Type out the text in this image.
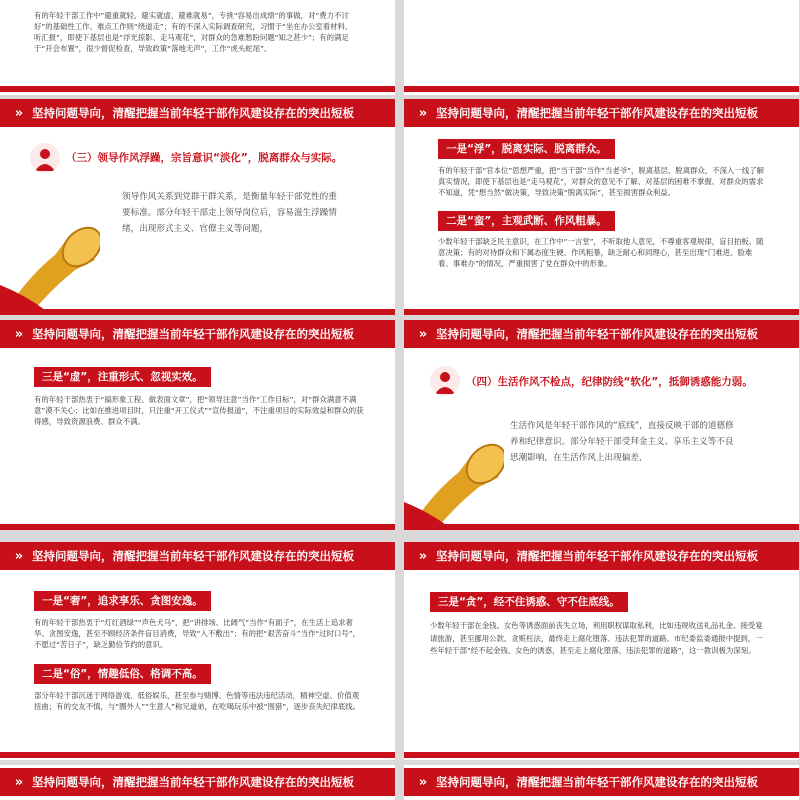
有的年轻干部工作中“避重就轻、避实就虚、避难就易”，专挑“容易出成绩”的事做，对“费力不讨好”的基础性工作、难点工作则“绕道走”；有的不深入实际调查研究，习惯于“坐在办公室看材料、听汇报”，即使下基层也是“浮光掠影、走马观花”，对群众的急难愁盼问题“知之甚少”；有的满足于“开会布置”，很少督促检查，导致政策“落地无声”，工作“虎头蛇尾”。
»	坚持问题导向，清醒把握当前年轻干部作风建设存在的突出短板
（三）领导作风浮躁，宗旨意识“淡化”，脱离群众与实际。
领导作风关系到党群干群关系，是衡量年轻干部党性的重要标准。部分年轻干部走上领导岗位后，容易滋生浮躁情绪，出现形式主义、官僚主义等问题，
»	坚持问题导向，清醒把握当前年轻干部作风建设存在的突出短板
一是“浮”，脱离实际、脱离群众。
有的年轻干部“官本位”思想严重，把“当干部”当作“当老爷”，脱离基层、脱离群众，不深入一线了解真实情况，即使下基层也是“走马观花”，对群众的意见不了解、对基层的困难不掌握、对群众的需求不知道，凭“想当然”做决策，导致决策“脱离实际”，甚至损害群众利益。
二是“蛮”，主观武断、作风粗暴。
少数年轻干部缺乏民主意识，在工作中“一言堂”，不听取他人意见，不尊重客观规律，盲目拍板、随意决策；有的对待群众和下属态度生硬、作风粗暴，缺乏耐心和同理心，甚至出现“门难进、脸难看、事难办”的情况，严重损害了党在群众中的形象。
»	坚持问题导向，清醒把握当前年轻干部作风建设存在的突出短板
三是“虚”，注重形式、忽视实效。
有的年轻干部热衷于“搞形象工程、做表面文章”，把“领导注意”当作“工作目标”，对“群众满意不满意”漠不关心；比如在推进项目时，只注重“开工仪式”“宣传报道”，不注重项目的实际效益和群众的获得感，导致资源浪费、群众不满。
»	坚持问题导向，清醒把握当前年轻干部作风建设存在的突出短板
（四）生活作风不检点，纪律防线“软化”，抵御诱惑能力弱。
生活作风是年轻干部作风的“底线”，直接反映干部的道德修养和纪律意识。部分年轻干部受拜金主义、享乐主义等不良思潮影响，在生活作风上出现偏差，
»	坚持问题导向，清醒把握当前年轻干部作风建设存在的突出短板
一是“奢”，追求享乐、贪图安逸。
有的年轻干部热衷于“灯红酒绿”“声色犬马”，把“讲排场、比阔气”当作“有面子”，在生活上追求奢华、贪图安逸，甚至不顾经济条件盲目消费，导致“入不敷出”；有的把“艰苦奋斗”当作“过时口号”，不愿过“苦日子”，缺乏勤俭节约的意识。
二是“俗”，情趣低俗、格调不高。
部分年轻干部沉迷于网络游戏、低俗娱乐，甚至参与赌博、色情等违法违纪活动，精神空虚、价值观扭曲；有的交友不慎，与“圈外人”“生意人”称兄道弟，在吃喝玩乐中被“围猎”，逐步丧失纪律底线。
»	坚持问题导向，清醒把握当前年轻干部作风建设存在的突出短板
三是“贪”，经不住诱惑、守不住底线。
少数年轻干部在金钱、女色等诱惑面前丧失立场，利用职权谋取私利，比如违规收送礼品礼金、接受宴请旅游，甚至挪用公款、贪赃枉法，最终走上腐化堕落、违法犯罪的道路。市纪委监委通报中提到，一些年轻干部“经不起金钱、女色的诱惑，甚至走上腐化堕落、违法犯罪的道路”，这一教训极为深刻。
»	坚持问题导向，清醒把握当前年轻干部作风建设存在的突出短板	»	坚持问题导向，清醒把握当前年轻干部作风建设存在的突出短板
